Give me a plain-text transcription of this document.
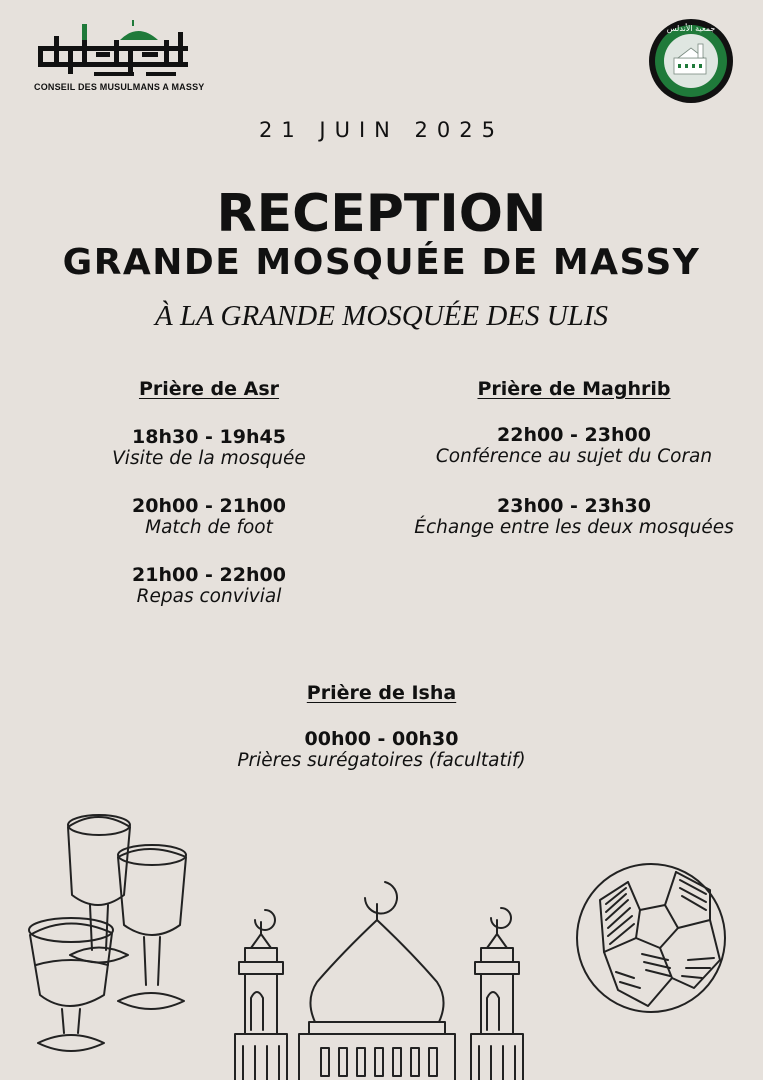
CONSEIL DES MUSULMANS A MASSY
جمعية الأندلس
21 JUIN 2025
RECEPTION
GRANDE MOSQUÉE DE MASSY
À LA GRANDE MOSQUÉE DES ULIS
Prière de Asr
18h30 - 19h45
Visite de la mosquée
20h00 - 21h00
Match de foot
21h00 - 22h00
Repas convivial
Prière de Maghrib
22h00 - 23h00
Conférence au sujet du Coran
23h00 - 23h30
Échange entre les deux mosquées
Prière de Isha
00h00 - 00h30
Prières surégatoires (facultatif)
